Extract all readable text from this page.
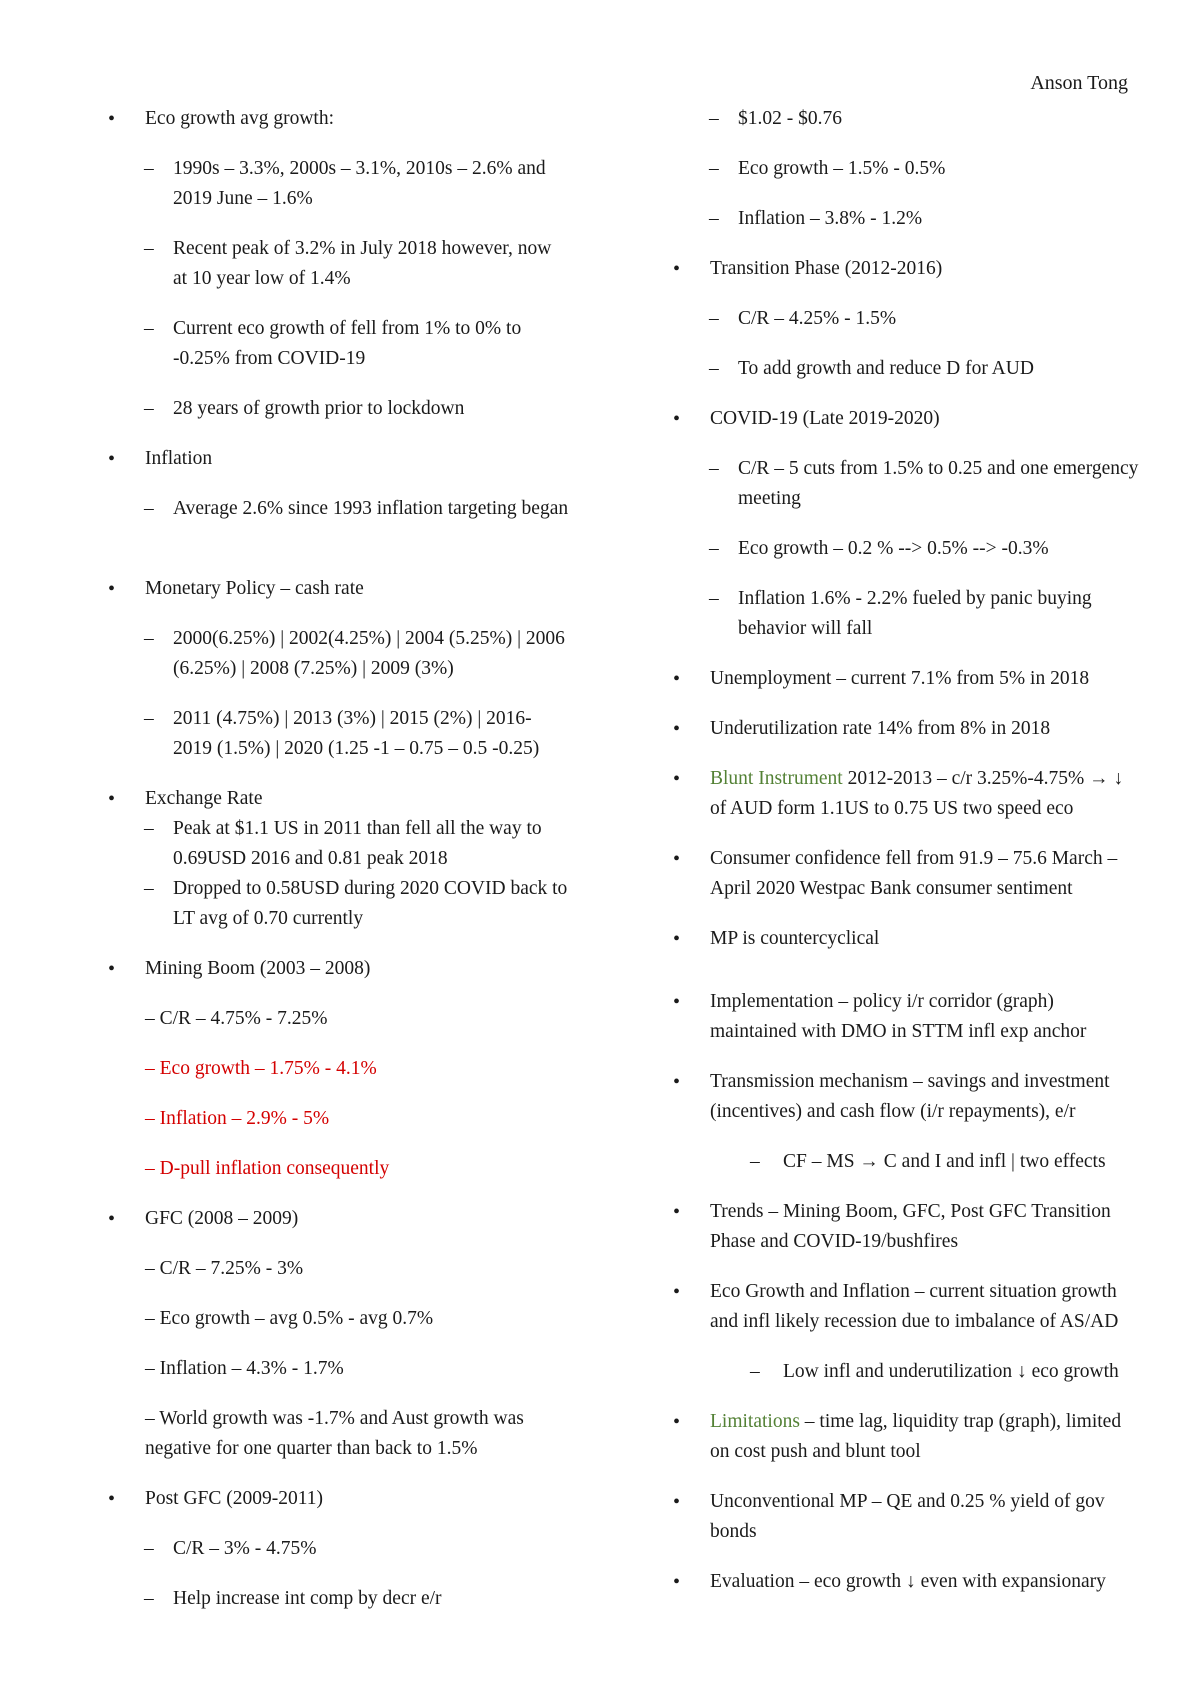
Anson Tong
• Eco growth avg growth:
– 1990s – 3.3%, 2000s – 3.1%, 2010s – 2.6% and 2019 June – 1.6%
– Recent peak of 3.2% in July 2018 however, now at 10 year low of 1.4%
– Current eco growth of fell from 1% to 0% to -0.25% from COVID-19
– 28 years of growth prior to lockdown
• Inflation
– Average 2.6% since 1993 inflation targeting began
• Monetary Policy – cash rate
– 2000(6.25%) | 2002(4.25%) | 2004 (5.25%) | 2006 (6.25%) | 2008 (7.25%) | 2009 (3%)
– 2011 (4.75%) | 2013 (3%) | 2015 (2%) | 2016-2019 (1.5%) | 2020 (1.25 -1 – 0.75 – 0.5 -0.25)
• Exchange Rate
– Peak at $1.1 US in 2011 than fell all the way to 0.69USD 2016 and 0.81 peak 2018
– Dropped to 0.58USD during 2020 COVID back to LT avg of 0.70 currently
• Mining Boom (2003 – 2008)
– C/R – 4.75% - 7.25%
– Eco growth – 1.75% - 4.1%
– Inflation – 2.9% - 5%
– D-pull inflation consequently
• GFC (2008 – 2009)
– C/R – 7.25% - 3%
– Eco growth – avg 0.5% - avg 0.7%
– Inflation – 4.3% - 1.7%
– World growth was -1.7% and Aust growth was negative for one quarter than back to 1.5%
• Post GFC (2009-2011)
– C/R – 3% - 4.75%
– Help increase int comp by decr e/r
– $1.02 - $0.76
– Eco growth – 1.5% - 0.5%
– Inflation – 3.8% - 1.2%
• Transition Phase (2012-2016)
– C/R – 4.25% - 1.5%
– To add growth and reduce D for AUD
• COVID-19 (Late 2019-2020)
– C/R – 5 cuts from 1.5% to 0.25 and one emergency meeting
– Eco growth – 0.2 % --> 0.5% --> -0.3%
– Inflation 1.6% - 2.2% fueled by panic buying behavior will fall
• Unemployment – current 7.1% from 5% in 2018
• Underutilization rate 14% from 8% in 2018
• Blunt Instrument 2012-2013 – c/r 3.25%-4.75% → ↓ of AUD form 1.1US to 0.75 US two speed eco
• Consumer confidence fell from 91.9 – 75.6 March – April 2020 Westpac Bank consumer sentiment
• MP is countercyclical
• Implementation – policy i/r corridor (graph) maintained with DMO in STTM infl exp anchor
• Transmission mechanism – savings and investment (incentives) and cash flow (i/r repayments), e/r
– CF – MS → C and I and infl | two effects
• Trends – Mining Boom, GFC, Post GFC Transition Phase and COVID-19/bushfires
• Eco Growth and Inflation – current situation growth and infl likely recession due to imbalance of AS/AD
– Low infl and underutilization ↓ eco growth
• Limitations – time lag, liquidity trap (graph), limited on cost push and blunt tool
• Unconventional MP – QE and 0.25 % yield of gov bonds
• Evaluation – eco growth ↓ even with expansionary
